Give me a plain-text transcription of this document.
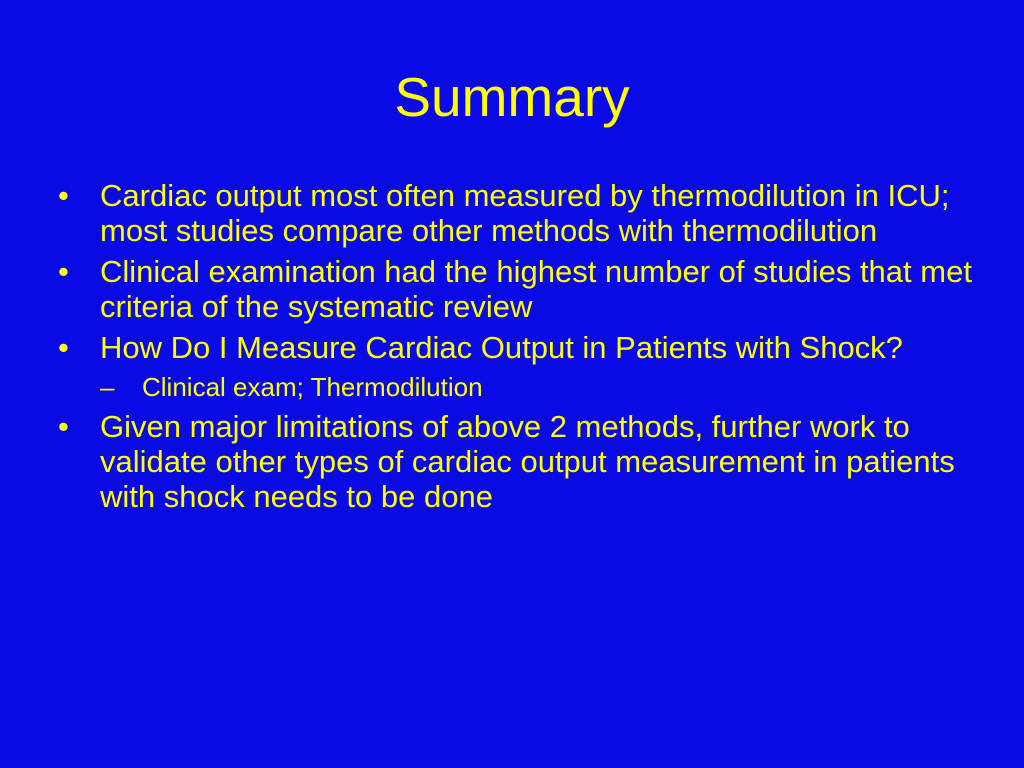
Summary
• Cardiac output most often measured by thermodilution in ICU; most studies compare other methods with thermodilution
• Clinical examination had the highest number of studies that met criteria of the systematic review
• How Do I Measure Cardiac Output in Patients with Shock?
– Clinical exam; Thermodilution
• Given major limitations of above 2 methods, further work to validate other types of cardiac output measurement in patients with shock needs to be done
